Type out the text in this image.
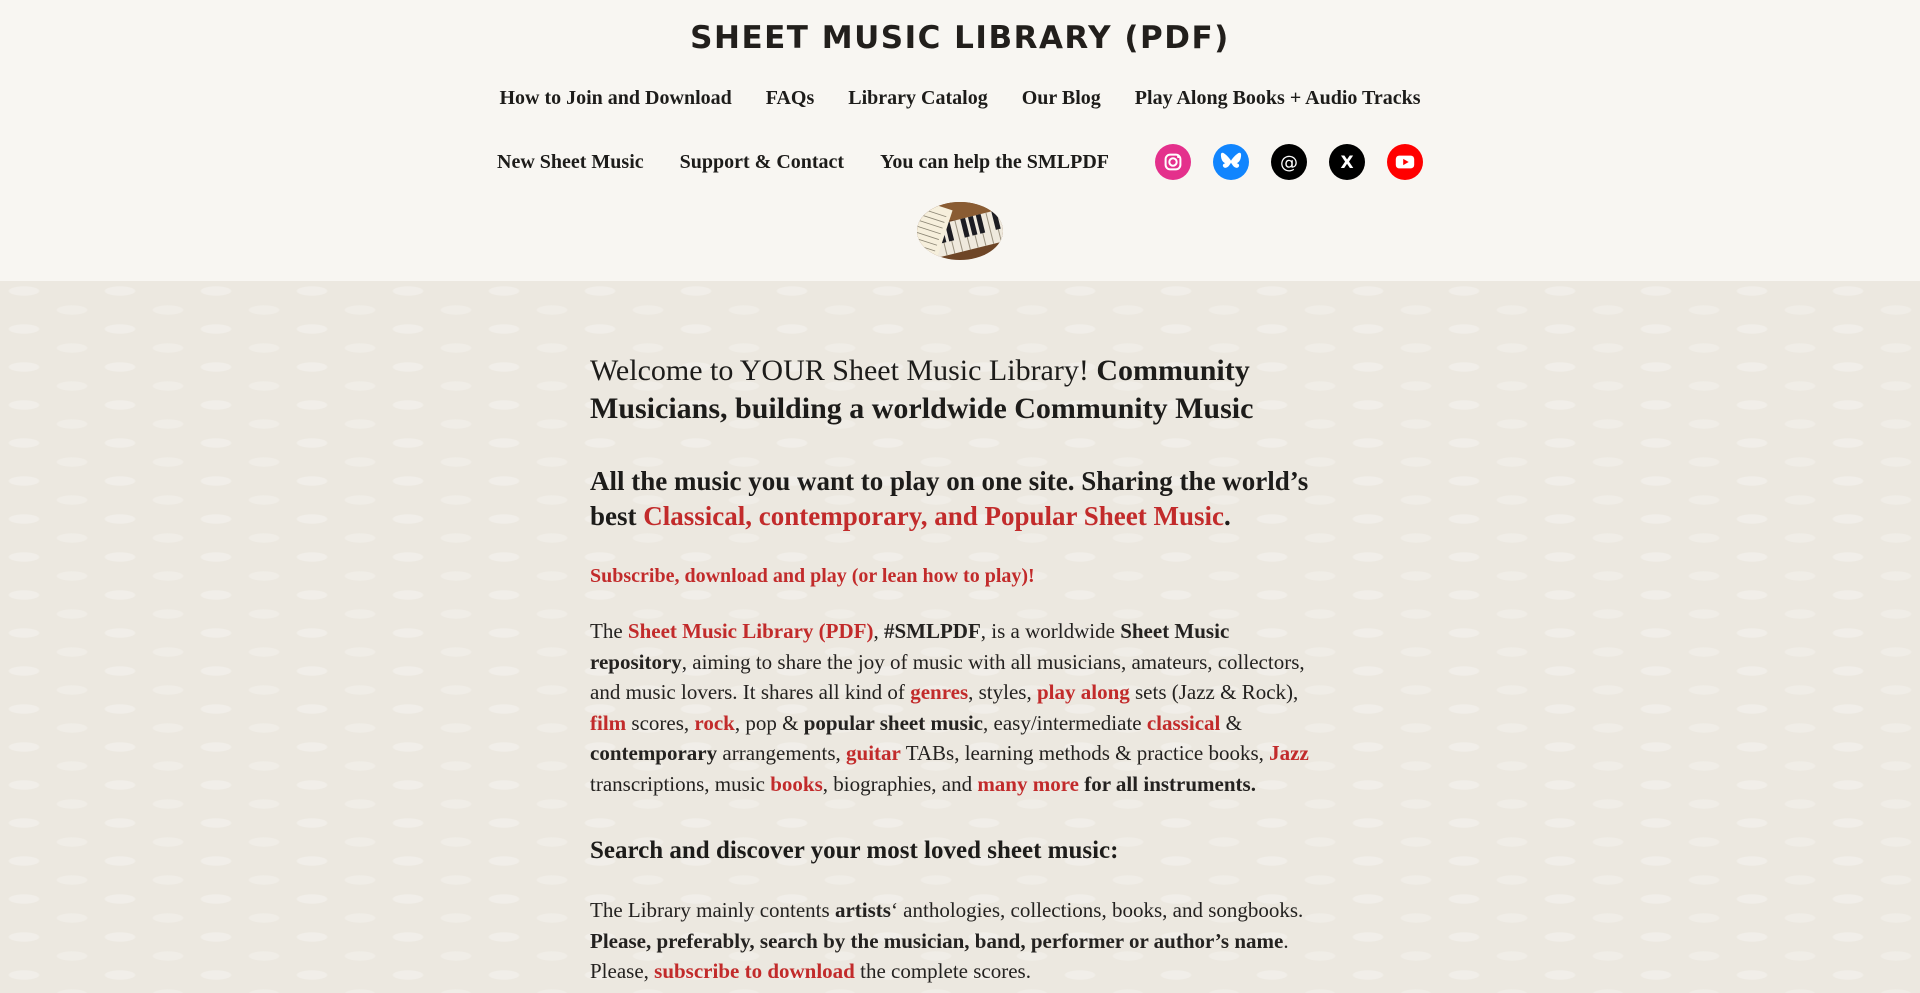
SHEET MUSIC LIBRARY (PDF)
How to Join and Download FAQs Library Catalog Our Blog Play Along Books + Audio Tracks
New Sheet Music Support & Contact You can help the SMLPDF	@ X
Welcome to YOUR Sheet Music Library! Community Musicians, building a worldwide Community Music
All the music you want to play on one site. Sharing the world’s best Classical, contemporary, and Popular Sheet Music.

Subscribe, download and play (or lean how to play)!

The Sheet Music Library (PDF), #SMLPDF, is a worldwide Sheet Music repository, aiming to share the joy of music with all musicians, amateurs, collectors, and music lovers. It shares all kind of genres, styles, play along sets (Jazz & Rock), film scores, rock, pop & popular sheet music, easy/intermediate classical & contemporary arrangements, guitar TABs, learning methods & practice books, Jazz transcriptions, music books, biographies, and many more for all instruments.

Search and discover your most loved sheet music:

The Library mainly contents artists‘ anthologies, collections, books, and songbooks. Please, preferably, search by the musician, band, performer or author’s name. Please, subscribe to download the complete scores.
